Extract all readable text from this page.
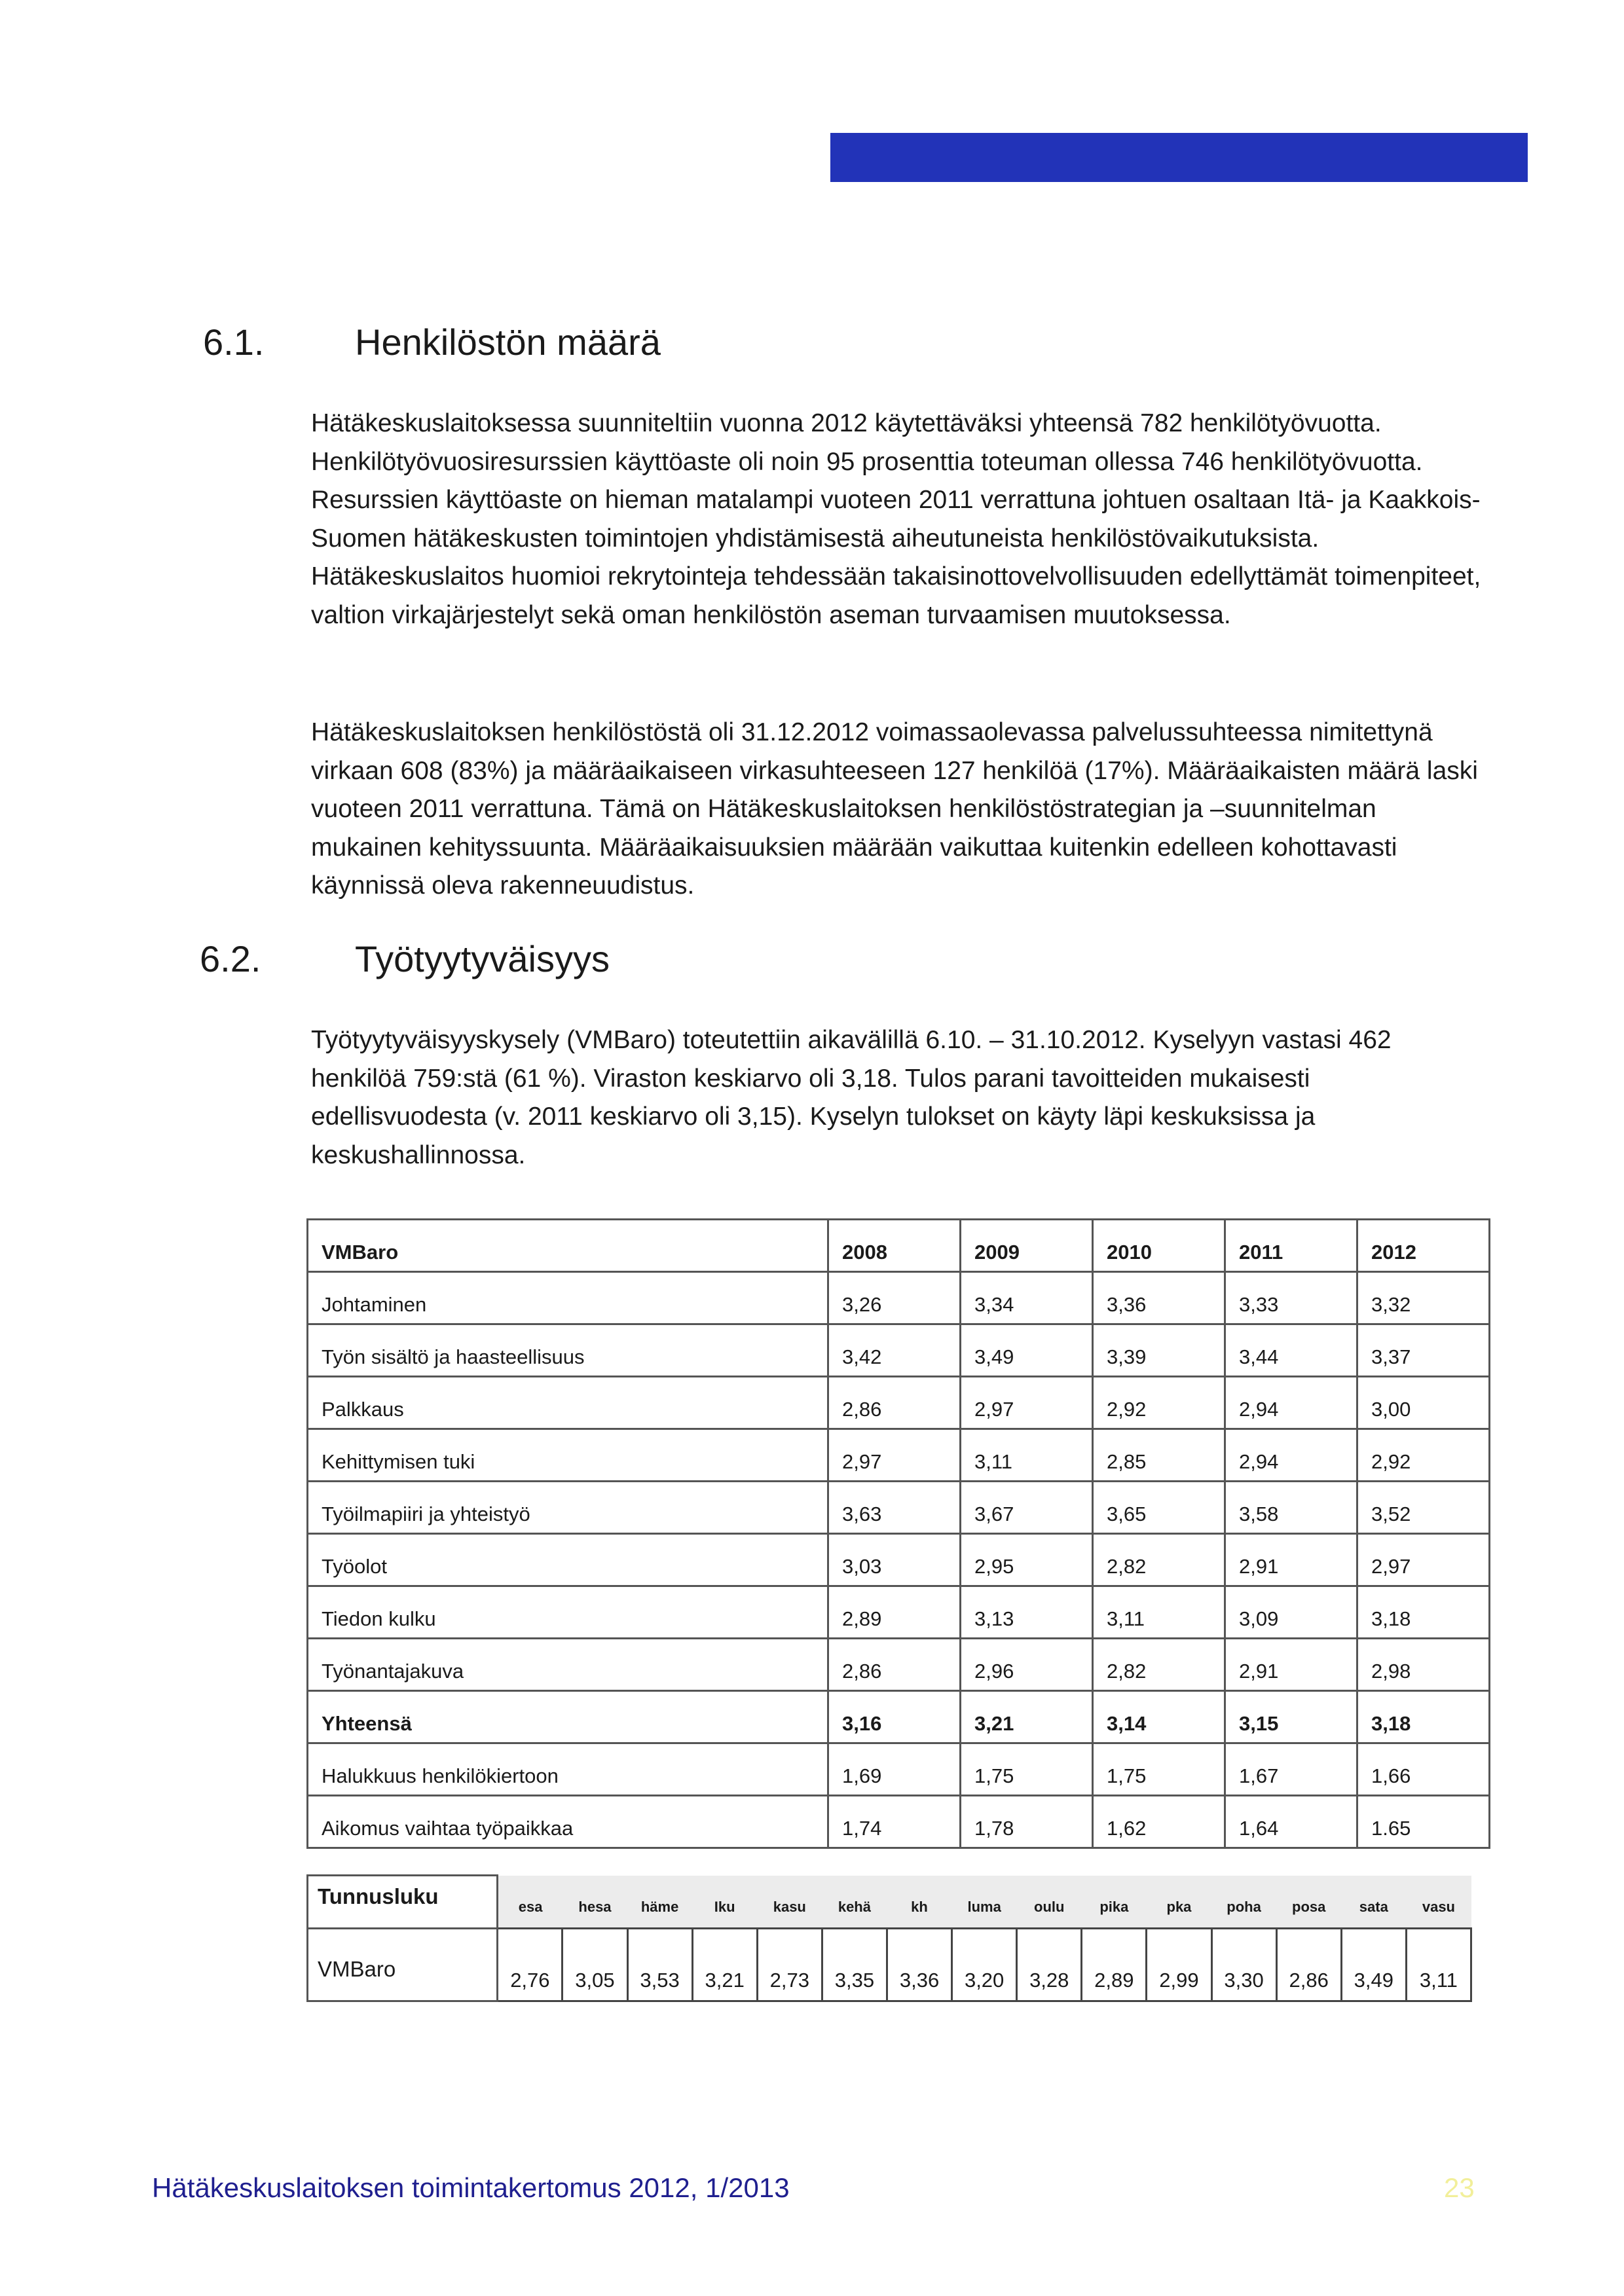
6.1. Henkilöstön määrä

Hätäkeskuslaitoksessa suunniteltiin vuonna 2012 käytettäväksi yhteensä 782 henkilötyövuotta. Henkilötyövuosiresurssien käyttöaste oli noin 95 prosenttia toteuman ollessa 746 henkilötyövuotta. Resurssien käyttöaste on hieman matalampi vuoteen 2011 verrattuna johtuen osaltaan Itä- ja Kaakkois-Suomen hätäkeskusten toimintojen yhdistämisestä aiheutuneista henkilöstövaikutuksista. Hätäkeskuslaitos huomioi rekrytointeja tehdessään takaisinottovelvollisuuden edellyttämät toimenpiteet, valtion virkajärjestelyt sekä oman henkilöstön aseman turvaamisen muutoksessa.

Hätäkeskuslaitoksen henkilöstöstä oli 31.12.2012 voimassaolevassa palvelussuhteessa nimitettynä virkaan 608 (83%) ja määräaikaiseen virkasuhteeseen 127 henkilöä (17%). Määräaikaisten määrä laski vuoteen 2011 verrattuna. Tämä on Hätäkeskuslaitoksen henkilöstöstrategian ja –suunnitelman mukainen kehityssuunta. Määräaikaisuuksien määrään vaikuttaa kuitenkin edelleen kohottavasti käynnissä oleva rakenneuudistus.

6.2.	Työtyytyväisyys

Työtyytyväisyyskysely (VMBaro) toteutettiin aikavälillä 6.10. – 31.10.2012. Kyselyyn vastasi 462 henkilöä 759:stä (61 %). Viraston keskiarvo oli 3,18. Tulos parani tavoitteiden mukaisesti edellisvuodesta (v. 2011 keskiarvo oli 3,15). Kyselyn tulokset on käyty läpi keskuksissa ja keskushallinnossa.

VMBaro	2008	2009	2010	2011	2012
Johtaminen	3,26	3,34	3,36	3,33	3,32
Työn sisältö ja haasteellisuus	3,42	3,49	3,39	3,44	3,37
Palkkaus	2,86	2,97	2,92	2,94	3,00
Kehittymisen tuki	2,97	3,11	2,85	2,94	2,92
Työilmapiiri ja yhteistyö	3,63	3,67	3,65	3,58	3,52
Työolot	3,03	2,95	2,82	2,91	2,97
Tiedon kulku	2,89	3,13	3,11	3,09	3,18
Työnantajakuva	2,86	2,96	2,82	2,91	2,98
Yhteensä	3,16	3,21	3,14	3,15	3,18
Halukkuus henkilökiertoon	1,69	1,75	1,75	1,67	1,66
Aikomus vaihtaa työpaikkaa	1,74	1,78	1,62	1,64	1.65
Tunnusluku	esa	hesa	häme	Iku	kasu	kehä	kh	luma	oulu	pika	pka	poha	posa	sata	vasu
VMBaro	2,76	3,05	3,53	3,21	2,73	3,35	3,36	3,20	3,28	2,89	2,99	3,30	2,86	3,49	3,11
Hätäkeskuslaitoksen toimintakertomus 2012, 1/2013	23
